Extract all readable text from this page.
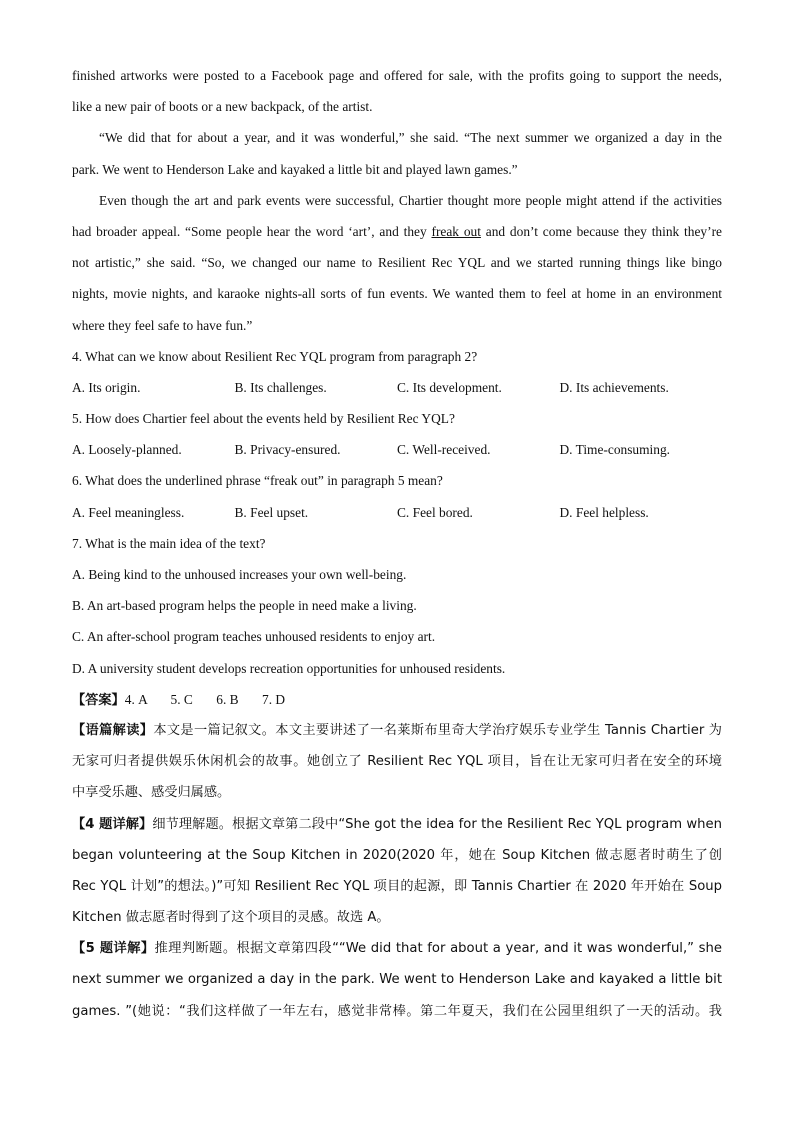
finished artworks were posted to a Facebook page and offered for sale, with the profits going to support the needs,
like a new pair of boots or a new backpack, of the artist.
“We did that for about a year, and it was wonderful,” she said. “The next summer we organized a day in the
park. We went to Henderson Lake and kayaked a little bit and played lawn games.”
Even though the art and park events were successful, Chartier thought more people might attend if the activities
had broader appeal. “Some people hear the word ‘art’, and they freak out and don’t come because they think they’re
not artistic,” she said. “So, we changed our name to Resilient Rec YQL and we started running things like bingo
nights, movie nights, and karaoke nights-all sorts of fun events. We wanted them to feel at home in an environment
where they feel safe to have fun.”
4. What can we know about Resilient Rec YQL program from paragraph 2?
A. Its origin.	B. Its challenges.	C. Its development.	D. Its achievements.
5. How does Chartier feel about the events held by Resilient Rec YQL?
A. Loosely-planned.	B. Privacy-ensured.	C. Well-received.	D. Time-consuming.
6. What does the underlined phrase “freak out” in paragraph 5 mean?
A. Feel meaningless.	B. Feel upset.	C. Feel bored.	D. Feel helpless.
7. What is the main idea of the text?
A. Being kind to the unhoused increases your own well-being.
B. An art-based program helps the people in need make a living.
C. An after-school program teaches unhoused residents to enjoy art.
D. A university student develops recreation opportunities for unhoused residents.
【答案】4. A       5. C       6. B       7. D
【语篇解读】本文是一篇记叙文。本文主要讲述了一名莱斯布里奇大学治疗娱乐专业学生 Tannis Chartier 为
无家可归者提供娱乐休闲机会的故事。她创立了 Resilient Rec YQL 项目，旨在让无家可归者在安全的环境
中享受乐趣、感受归属感。
【4 题详解】细节理解题。根据文章第二段中“She got the idea for the Resilient Rec YQL program when
began volunteering at the Soup Kitchen in 2020(2020 年，她在 Soup Kitchen 做志愿者时萌生了创
Rec YQL 计划”的想法。)”可知 Resilient Rec YQL 项目的起源，即 Tannis Chartier 在 2020 年开始在 Soup
Kitchen 做志愿者时得到了这个项目的灵感。故选 A。
【5 题详解】推理判断题。根据文章第四段““We did that for about a year, and it was wonderful,” she
next summer we organized a day in the park. We went to Henderson Lake and kayaked a little bit
games. ”(她说：“我们这样做了一年左右，感觉非常棒。第二年夏天，我们在公园里组织了一天的活动。我
